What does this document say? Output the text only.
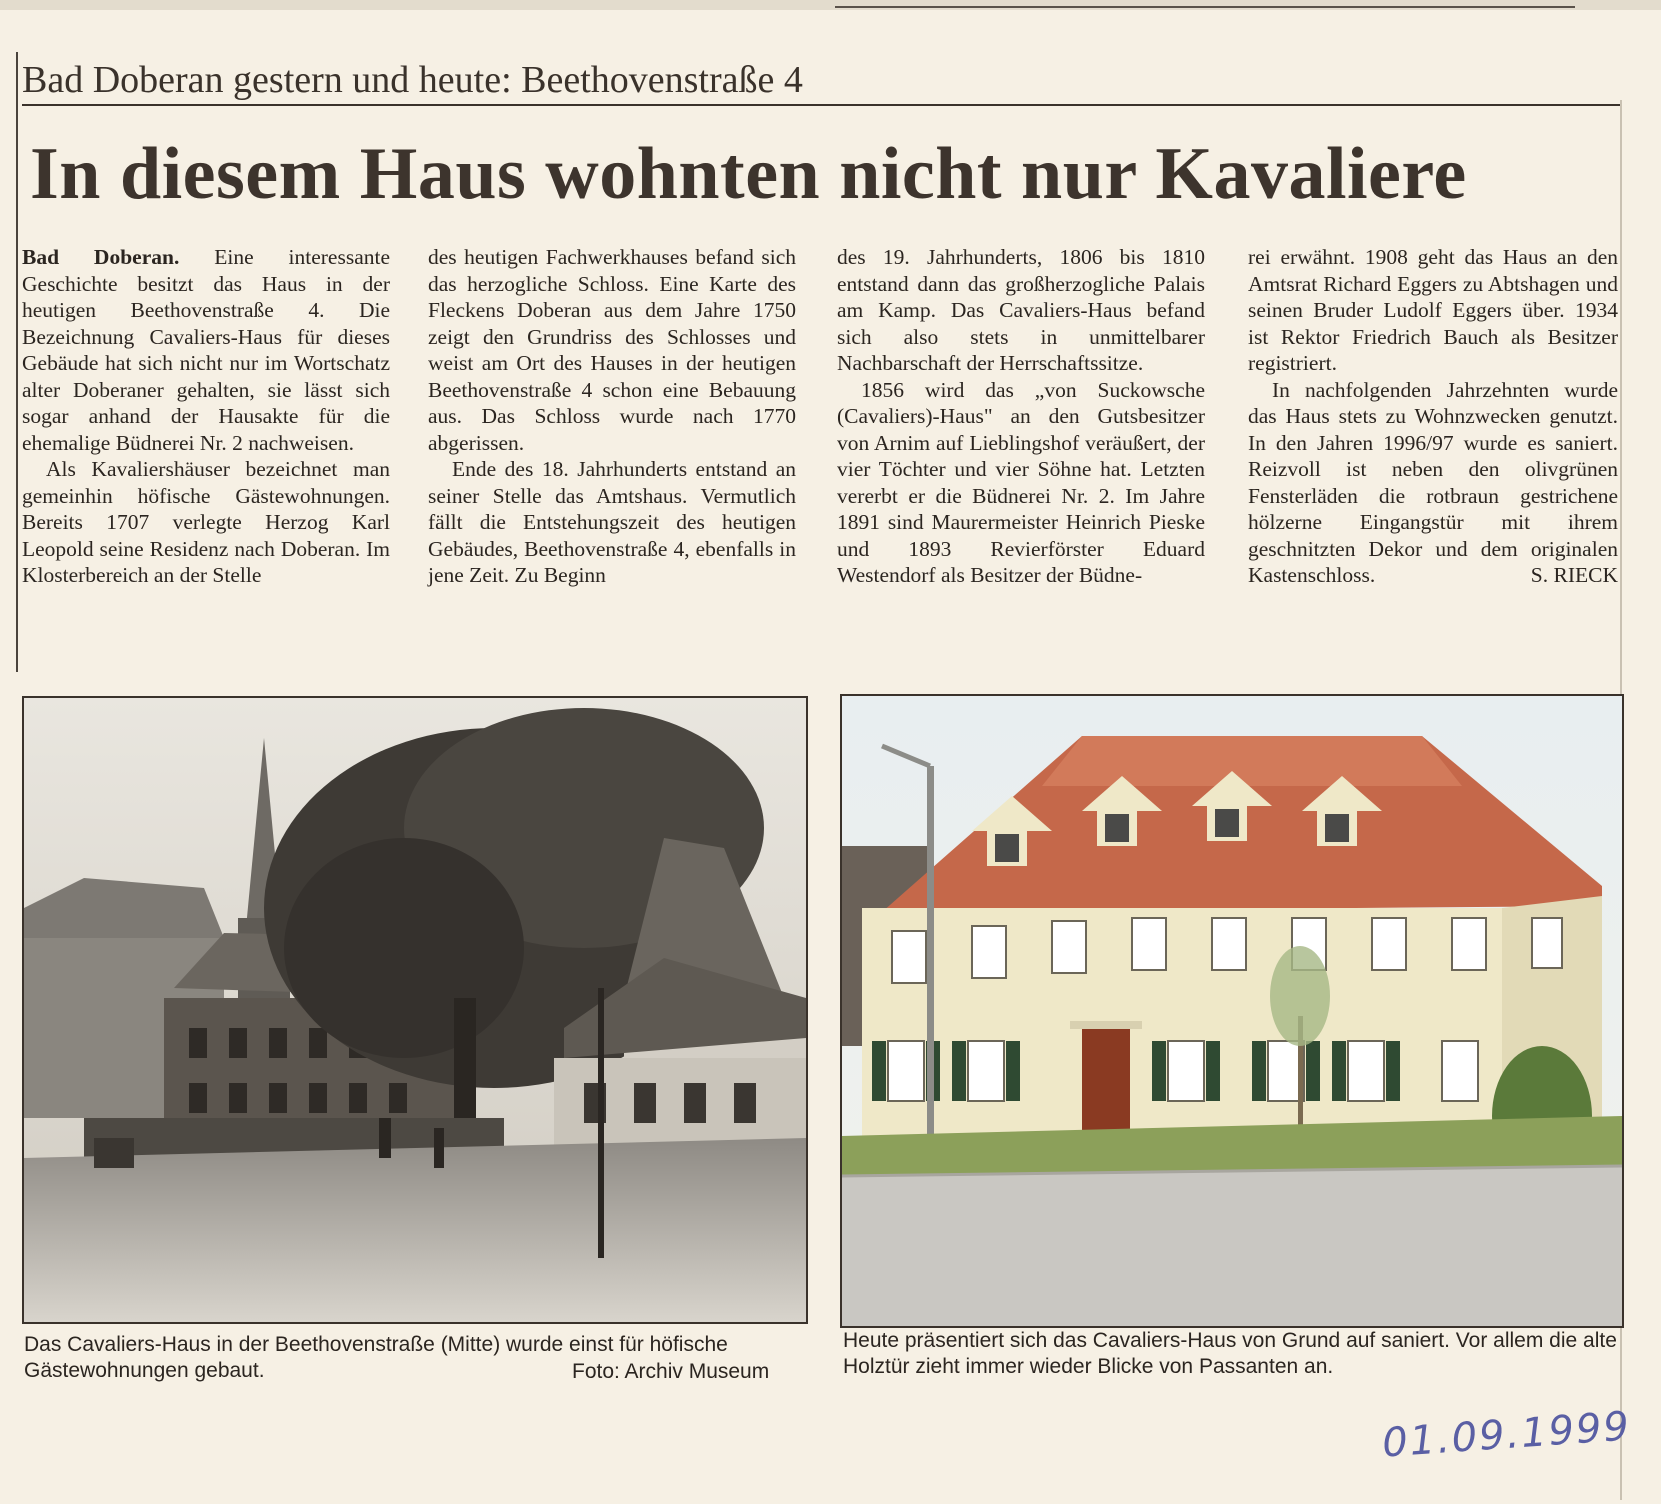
Bad Doberan gestern und heute: Beethovenstraße 4
In diesem Haus wohnten nicht nur Kavaliere

Bad Doberan. Eine interessante Geschichte besitzt das Haus in der heutigen Beethovenstraße 4. Die Bezeichnung Cavaliers-Haus für dieses Gebäude hat sich nicht nur im Wortschatz alter Doberaner gehalten, sie lässt sich sogar anhand der Hausakte für die ehemalige Büdnerei Nr. 2 nachweisen.

Als Kavaliershäuser bezeichnet man gemeinhin höfische Gästewohnungen. Bereits 1707 verlegte Herzog Karl Leopold seine Residenz nach Doberan. Im Klosterbereich an der Stelle

des heutigen Fachwerkhauses befand sich das herzogliche Schloss. Eine Karte des Fleckens Doberan aus dem Jahre 1750 zeigt den Grundriss des Schlosses und weist am Ort des Hauses in der heutigen Beethovenstraße 4 schon eine Bebauung aus. Das Schloss wurde nach 1770 abgerissen.

Ende des 18. Jahrhunderts entstand an seiner Stelle das Amtshaus. Vermutlich fällt die Entstehungszeit des heutigen Gebäudes, Beethovenstraße 4, ebenfalls in jene Zeit. Zu Beginn

des 19. Jahrhunderts, 1806 bis 1810 entstand dann das großherzogliche Palais am Kamp. Das Cavaliers-Haus befand sich also stets in unmittelbarer Nachbarschaft der Herrschaftssitze.

1856 wird das „von Suckowsche (Cavaliers)-Haus" an den Gutsbesitzer von Arnim auf Lieblingshof veräußert, der vier Töchter und vier Söhne hat. Letzten vererbt er die Büdnerei Nr. 2. Im Jahre 1891 sind Maurermeister Heinrich Pieske und 1893 Revierförster Eduard Westendorf als Besitzer der Büdne-

rei erwähnt. 1908 geht das Haus an den Amtsrat Richard Eggers zu Abtshagen und seinen Bruder Ludolf Eggers über. 1934 ist Rektor Friedrich Bauch als Besitzer registriert.

In nachfolgenden Jahrzehnten wurde das Haus stets zu Wohnzwecken genutzt. In den Jahren 1996/97 wurde es saniert. Reizvoll ist neben den olivgrünen Fensterläden die rotbraun gestrichene hölzerne Eingangstür mit ihrem geschnitzten Dekor und dem originalen Kastenschloss.	S. RIECK

Das Cavaliers-Haus in der Beethovenstraße (Mitte) wurde einst für höfische Gästewohnungen gebaut.	Foto: Archiv Museum
Heute präsentiert sich das Cavaliers-Haus von Grund auf saniert. Vor allem die alte Holztür zieht immer wieder Blicke von Passanten an.
01.09.1999
